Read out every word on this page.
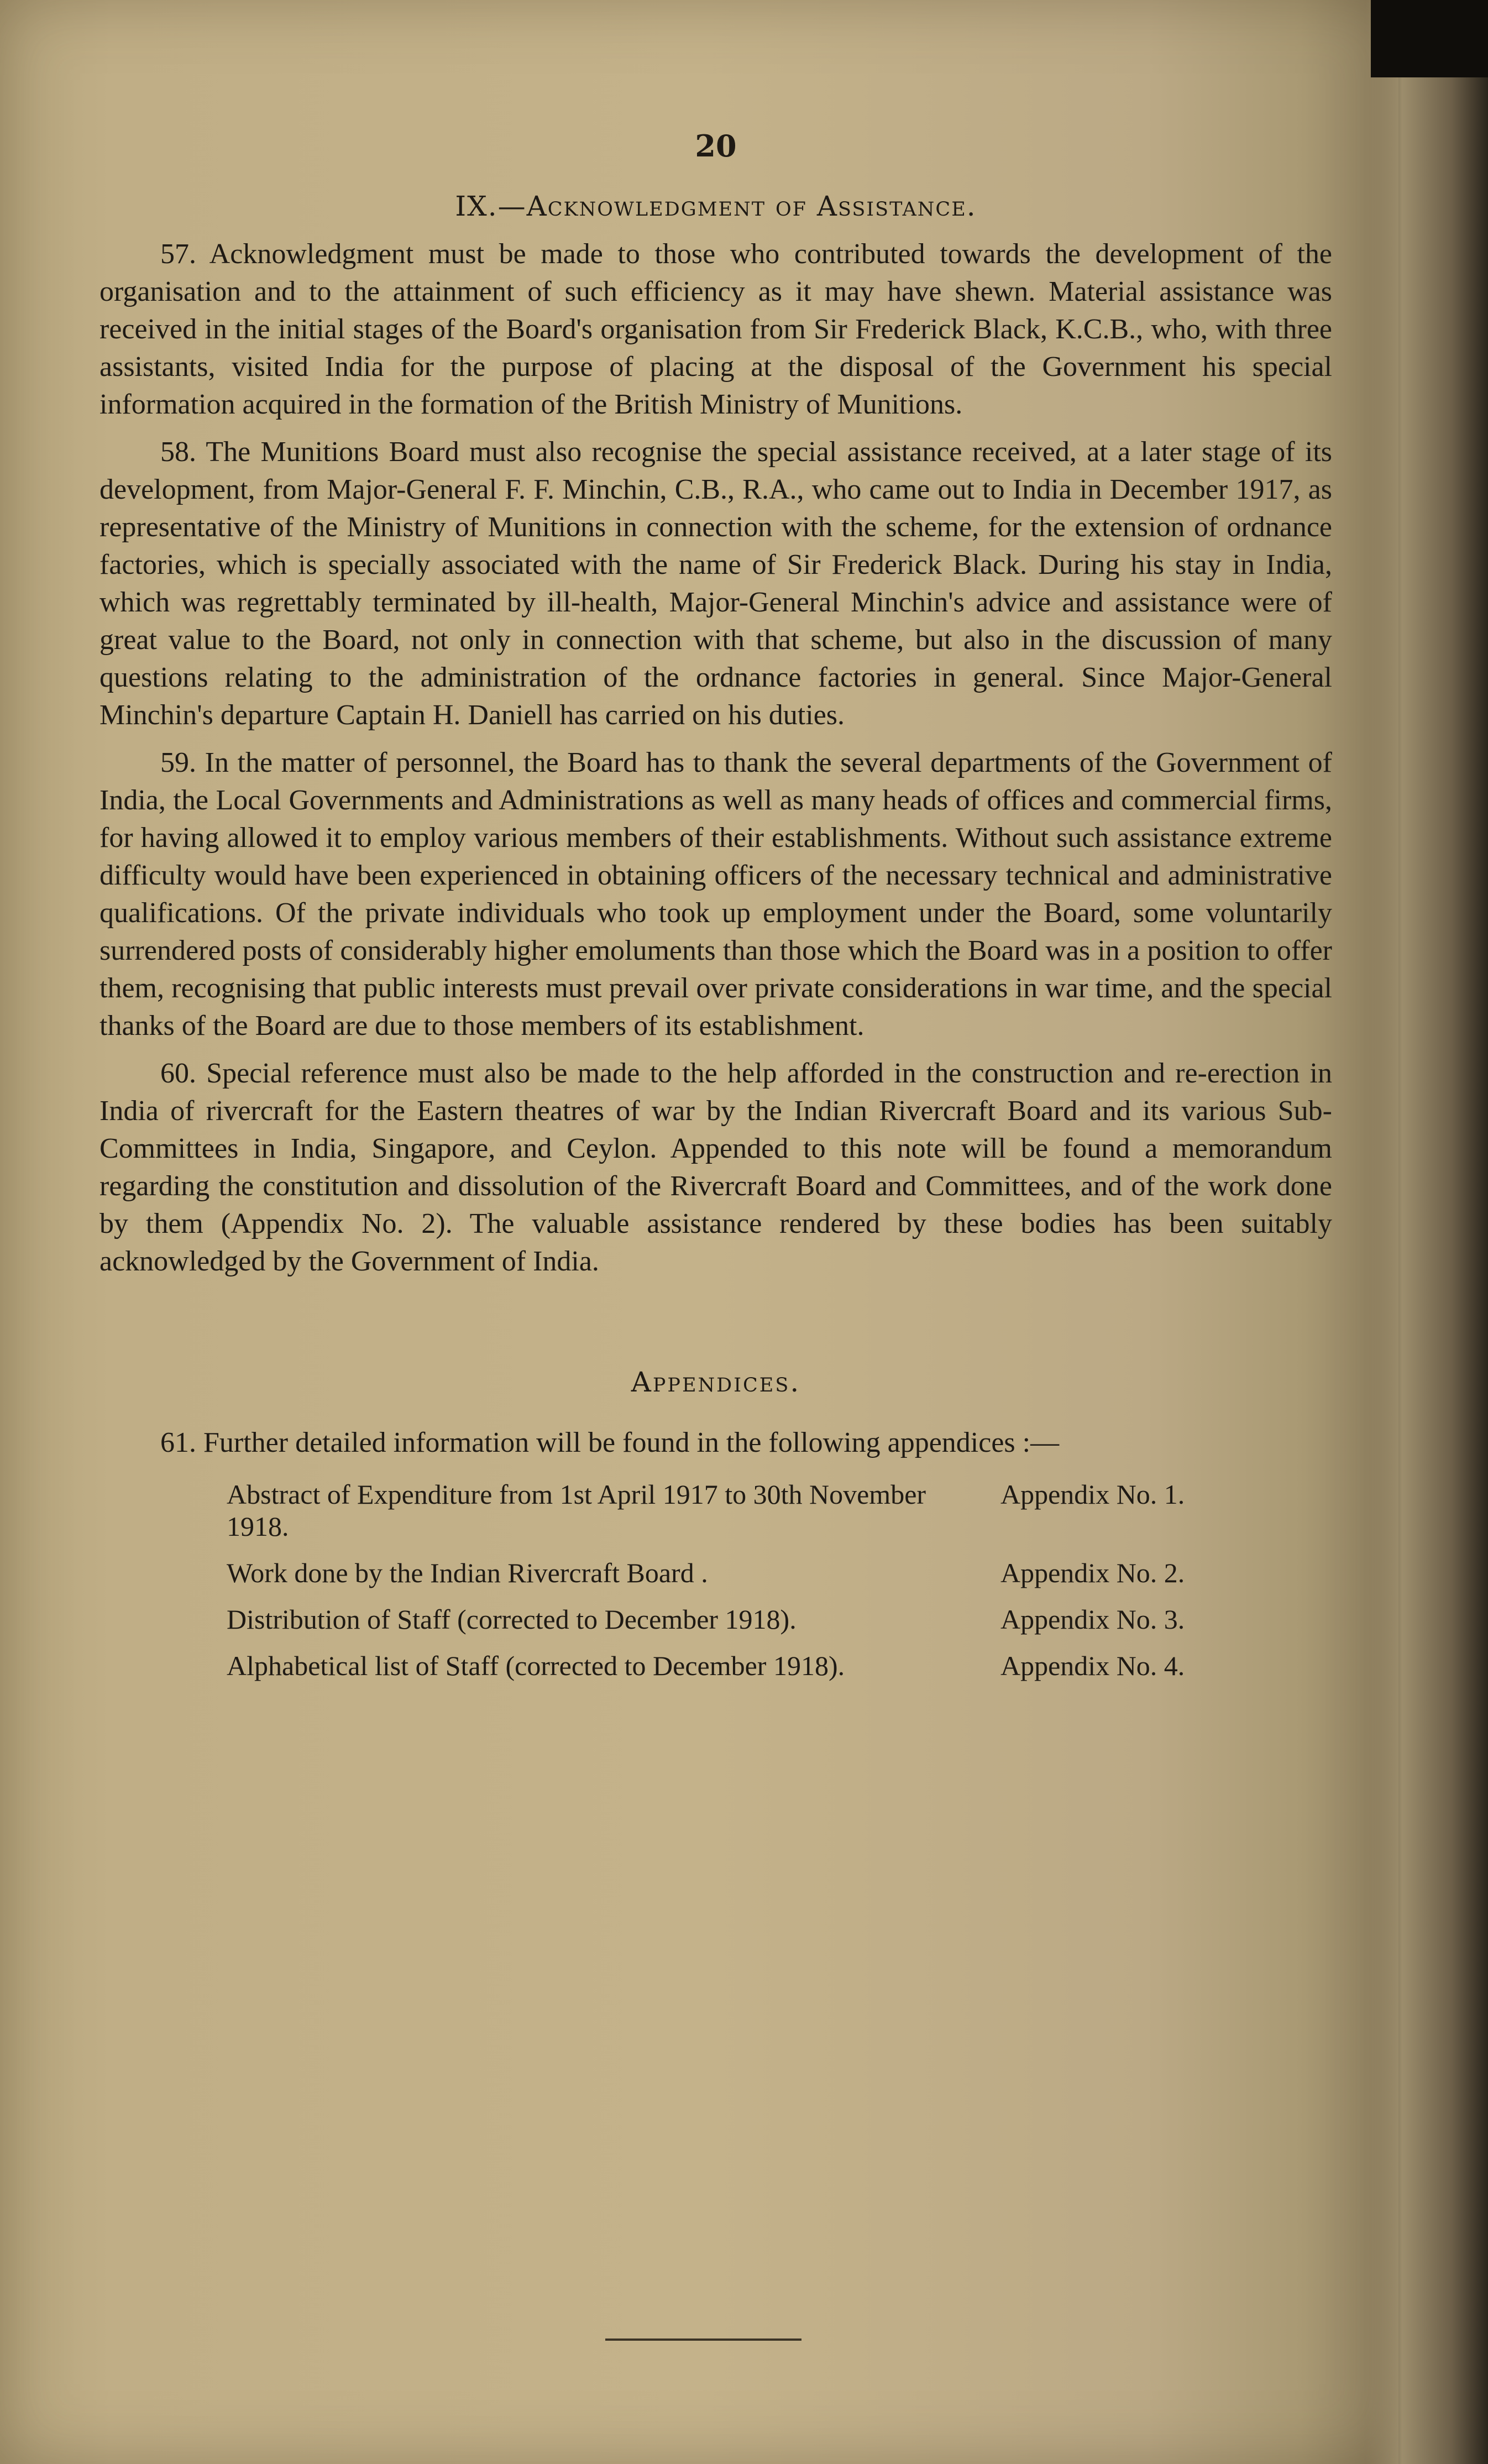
20
IX.—Acknowledgment of Assistance.

57. Acknowledgment must be made to those who contributed towards the development of the organisation and to the attainment of such efficiency as it may have shewn. Material assistance was received in the initial stages of the Board's organisation from Sir Frederick Black, K.C.B., who, with three assistants, visited India for the purpose of placing at the disposal of the Government his special information acquired in the formation of the British Ministry of Munitions.

58. The Munitions Board must also recognise the special assistance received, at a later stage of its development, from Major-General F. F. Minchin, C.B., R.A., who came out to India in December 1917, as representative of the Ministry of Munitions in connection with the scheme, for the extension of ordnance factories, which is specially associated with the name of Sir Frederick Black. During his stay in India, which was regrettably terminated by ill-health, Major-General Minchin's advice and assistance were of great value to the Board, not only in connection with that scheme, but also in the discussion of many questions relating to the administration of the ordnance factories in general. Since Major-General Minchin's departure Captain H. Daniell has carried on his duties.

59. In the matter of personnel, the Board has to thank the several departments of the Government of India, the Local Governments and Administrations as well as many heads of offices and commercial firms, for having allowed it to employ various members of their establishments. Without such assistance extreme difficulty would have been experienced in obtaining officers of the necessary technical and administrative qualifications. Of the private individuals who took up employment under the Board, some voluntarily surrendered posts of considerably higher emoluments than those which the Board was in a position to offer them, recognising that public interests must prevail over private considerations in war time, and the special thanks of the Board are due to those members of its establishment.

60. Special reference must also be made to the help afforded in the construction and re-erection in India of rivercraft for the Eastern theatres of war by the Indian Rivercraft Board and its various Sub-Committees in India, Singapore, and Ceylon. Appended to this note will be found a memorandum regarding the constitution and dissolution of the Rivercraft Board and Committees, and of the work done by them (Appendix No. 2). The valuable assistance rendered by these bodies has been suitably acknowledged by the Government of India.

Appendices.

61. Further detailed information will be found in the following appendices :—

Abstract of Expenditure from 1st April 1917 to 30th November 1918.	Appendix No. 1.
Work done by the Indian Rivercraft Board .	Appendix No. 2.
Distribution of Staff (corrected to December 1918).	Appendix No. 3.
Alphabetical list of Staff (corrected to December 1918).	Appendix No. 4.
